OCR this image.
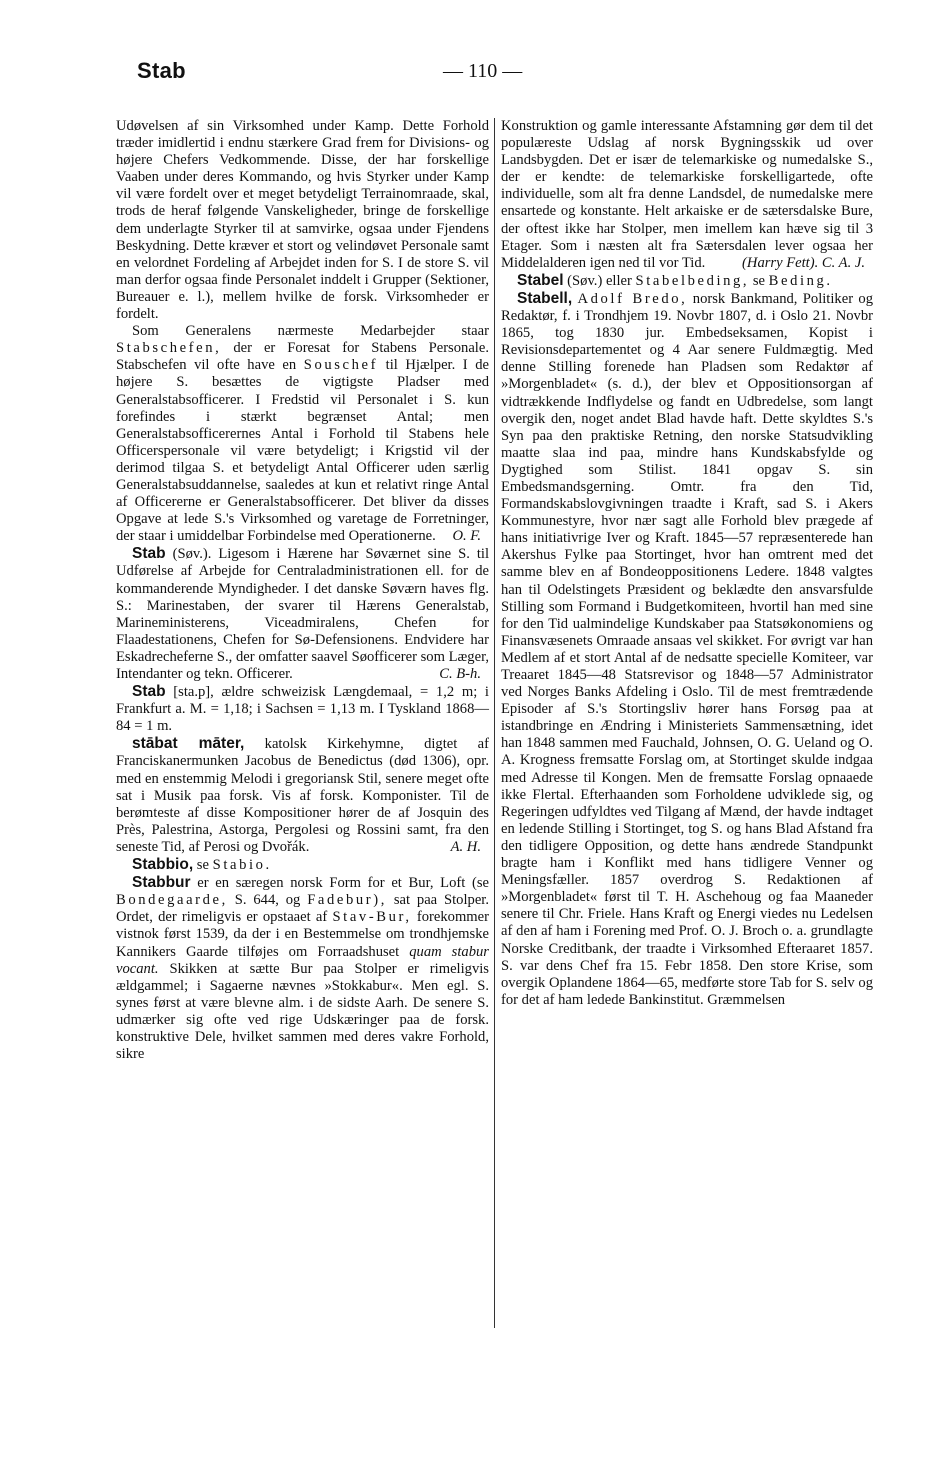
Stab	— 110 —

Udøvelsen af sin Virksomhed under Kamp. Dette Forhold træder imidlertid i endnu stærkere Grad frem for Divisions- og højere Chefers Vedkommende. Disse, der har forskellige Vaaben under deres Kommando, og hvis Styrker under Kamp vil være fordelt over et meget betydeligt Terrainomraade, skal, trods de heraf følgende Vanskeligheder, bringe de forskellige dem underlagte Styrker til at samvirke, ogsaa under Fjendens Beskydning. Dette kræver et stort og velindøvet Personale samt en velordnet Fordeling af Arbejdet inden for S. I de store S. vil man derfor ogsaa finde Personalet inddelt i Grupper (Sektioner, Bureauer e. l.), mellem hvilke de forsk. Virksomheder er fordelt.

Som Generalens nærmeste Medarbejder staar Stabschefen, der er Foresat for Stabens Personale. Stabschefen vil ofte have en Souschef til Hjælper. I de højere S. besættes de vigtigste Pladser med Generalstabsofficerer. I Fredstid vil Personalet i S. kun forefindes i stærkt begrænset Antal; men Generalstabsofficerernes Antal i Forhold til Stabens hele Officerspersonale vil være betydeligt; i Krigstid vil der derimod tilgaa S. et betydeligt Antal Officerer uden særlig Generalstabsuddannelse, saaledes at kun et relativt ringe Antal af Officererne er Generalstabsofficerer. Det bliver da disses Opgave at lede S.'s Virksomhed og varetage de Forretninger, der staar i umiddelbar Forbindelse med Operationerne.	O. F.

Stab (Søv.). Ligesom i Hærene har Søværnet sine S. til Udførelse af Arbejde for Centraladministrationen ell. for de kommanderende Myndigheder. I det danske Søværn haves flg. S.: Marinestaben, der svarer til Hærens Generalstab, Marineministerens, Viceadmiralens, Chefen for Flaadestationens, Chefen for Sø-Defensionens. Endvidere har Eskadrecheferne S., der omfatter saavel Søofficerer som Læger, Intendanter og tekn. Officerer.	C. B-h.

Stab [sta.p], ældre schweizisk Længdemaal, = 1,2 m; i Frankfurt a. M. = 1,18; i Sachsen = 1,13 m. I Tyskland 1868—84 = 1 m.

stābat māter, katolsk Kirkehymne, digtet af Franciskanermunken Jacobus de Benedictus (død 1306), opr. med en enstemmig Melodi i gregoriansk Stil, senere meget ofte sat i Musik paa forsk. Vis af forsk. Komponister. Til de berømteste af disse Kompositioner hører de af Josquin des Près, Palestrina, Astorga, Pergolesi og Rossini samt, fra den seneste Tid, af Perosi og Dvořák.	A. H.

Stabbio, se Stabio.

Stabbur er en særegen norsk Form for et Bur, Loft (se Bondegaarde, S. 644, og Fadebur), sat paa Stolper. Ordet, der rimeligvis er opstaaet af Stav-Bur, forekommer vistnok først 1539, da der i en Bestemmelse om trondhjemske Kannikers Gaarde tilføjes om Forraadshuset quam stabur vocant. Skikken at sætte Bur paa Stolper er rimeligvis ældgammel; i Sagaerne nævnes »Stokkabur«. Men egl. S. synes først at være blevne alm. i de sidste Aarh. De senere S. udmærker sig ofte ved rige Udskæringer paa de forsk. konstruktive Dele, hvilket sammen med deres vakre Forhold, sikre

Konstruktion og gamle interessante Afstamning gør dem til det populæreste Udslag af norsk Bygningsskik ud over Landsbygden. Det er især de telemarkiske og numedalske S., der er kendte: de telemarkiske forskelligartede, ofte individuelle, som alt fra denne Landsdel, de numedalske mere ensartede og konstante. Helt arkaiske er de sætersdalske Bure, der oftest ikke har Stolper, men imellem kan hæve sig til 3 Etager. Som i næsten alt fra Sætersdalen lever ogsaa her Middelalderen igen ned til vor Tid.	(Harry Fett). C. A. J.

Stabel (Søv.) eller Stabelbeding, se Beding.

Stabell, Adolf Bredo, norsk Bankmand, Politiker og Redaktør, f. i Trondhjem 19. Novbr 1807, d. i Oslo 21. Novbr 1865, tog 1830 jur. Embedseksamen, Kopist i Revisionsdepartementet og 4 Aar senere Fuldmægtig. Med denne Stilling forenede han Pladsen som Redaktør af »Morgenbladet« (s. d.), der blev et Oppositionsorgan af vidtrækkende Indflydelse og fandt en Udbredelse, som langt overgik den, noget andet Blad havde haft. Dette skyldtes S.'s Syn paa den praktiske Retning, den norske Statsudvikling maatte slaa ind paa, mindre hans Kundskabsfylde og Dygtighed som Stilist. 1841 opgav S. sin Embedsmandsgerning. Omtr. fra den Tid, Formandskabslovgivningen traadte i Kraft, sad S. i Akers Kommunestyre, hvor nær sagt alle Forhold blev prægede af hans initiativrige Iver og Kraft. 1845—57 repræsenterede han Akershus Fylke paa Stortinget, hvor han omtrent med det samme blev en af Bondeoppositionens Ledere. 1848 valgtes han til Odelstingets Præsident og beklædte den ansvarsfulde Stilling som Formand i Budgetkomiteen, hvortil han med sine for den Tid ualmindelige Kundskaber paa Statsøkonomiens og Finansvæsenets Omraade ansaas vel skikket. For øvrigt var han Medlem af et stort Antal af de nedsatte specielle Komiteer, var Treaaret 1845—48 Statsrevisor og 1848—57 Administrator ved Norges Banks Afdeling i Oslo. Til de mest fremtrædende Episoder af S.'s Stortingsliv hører hans Forsøg paa at istandbringe en Ændring i Ministeriets Sammensætning, idet han 1848 sammen med Fauchald, Johnsen, O. G. Ueland og O. A. Krogness fremsatte Forslag om, at Stortinget skulde indgaa med Adresse til Kongen. Men de fremsatte Forslag opnaaede ikke Flertal. Efterhaanden som Forholdene udviklede sig, og Regeringen udfyldtes ved Tilgang af Mænd, der havde indtaget en ledende Stilling i Stortinget, tog S. og hans Blad Afstand fra den tidligere Opposition, og dette hans ændrede Standpunkt bragte ham i Konflikt med hans tidligere Venner og Meningsfæller. 1857 overdrog S. Redaktionen af »Morgenbladet« først til T. H. Aschehoug og faa Maaneder senere til Chr. Friele. Hans Kraft og Energi viedes nu Ledelsen af den af ham i Forening med Prof. O. J. Broch o. a. grundlagte Norske Creditbank, der traadte i Virksomhed Efteraaret 1857. S. var dens Chef fra 15. Febr 1858. Den store Krise, som overgik Oplandene 1864—65, medførte store Tab for S. selv og for det af ham ledede Bankinstitut. Græmmelsen
